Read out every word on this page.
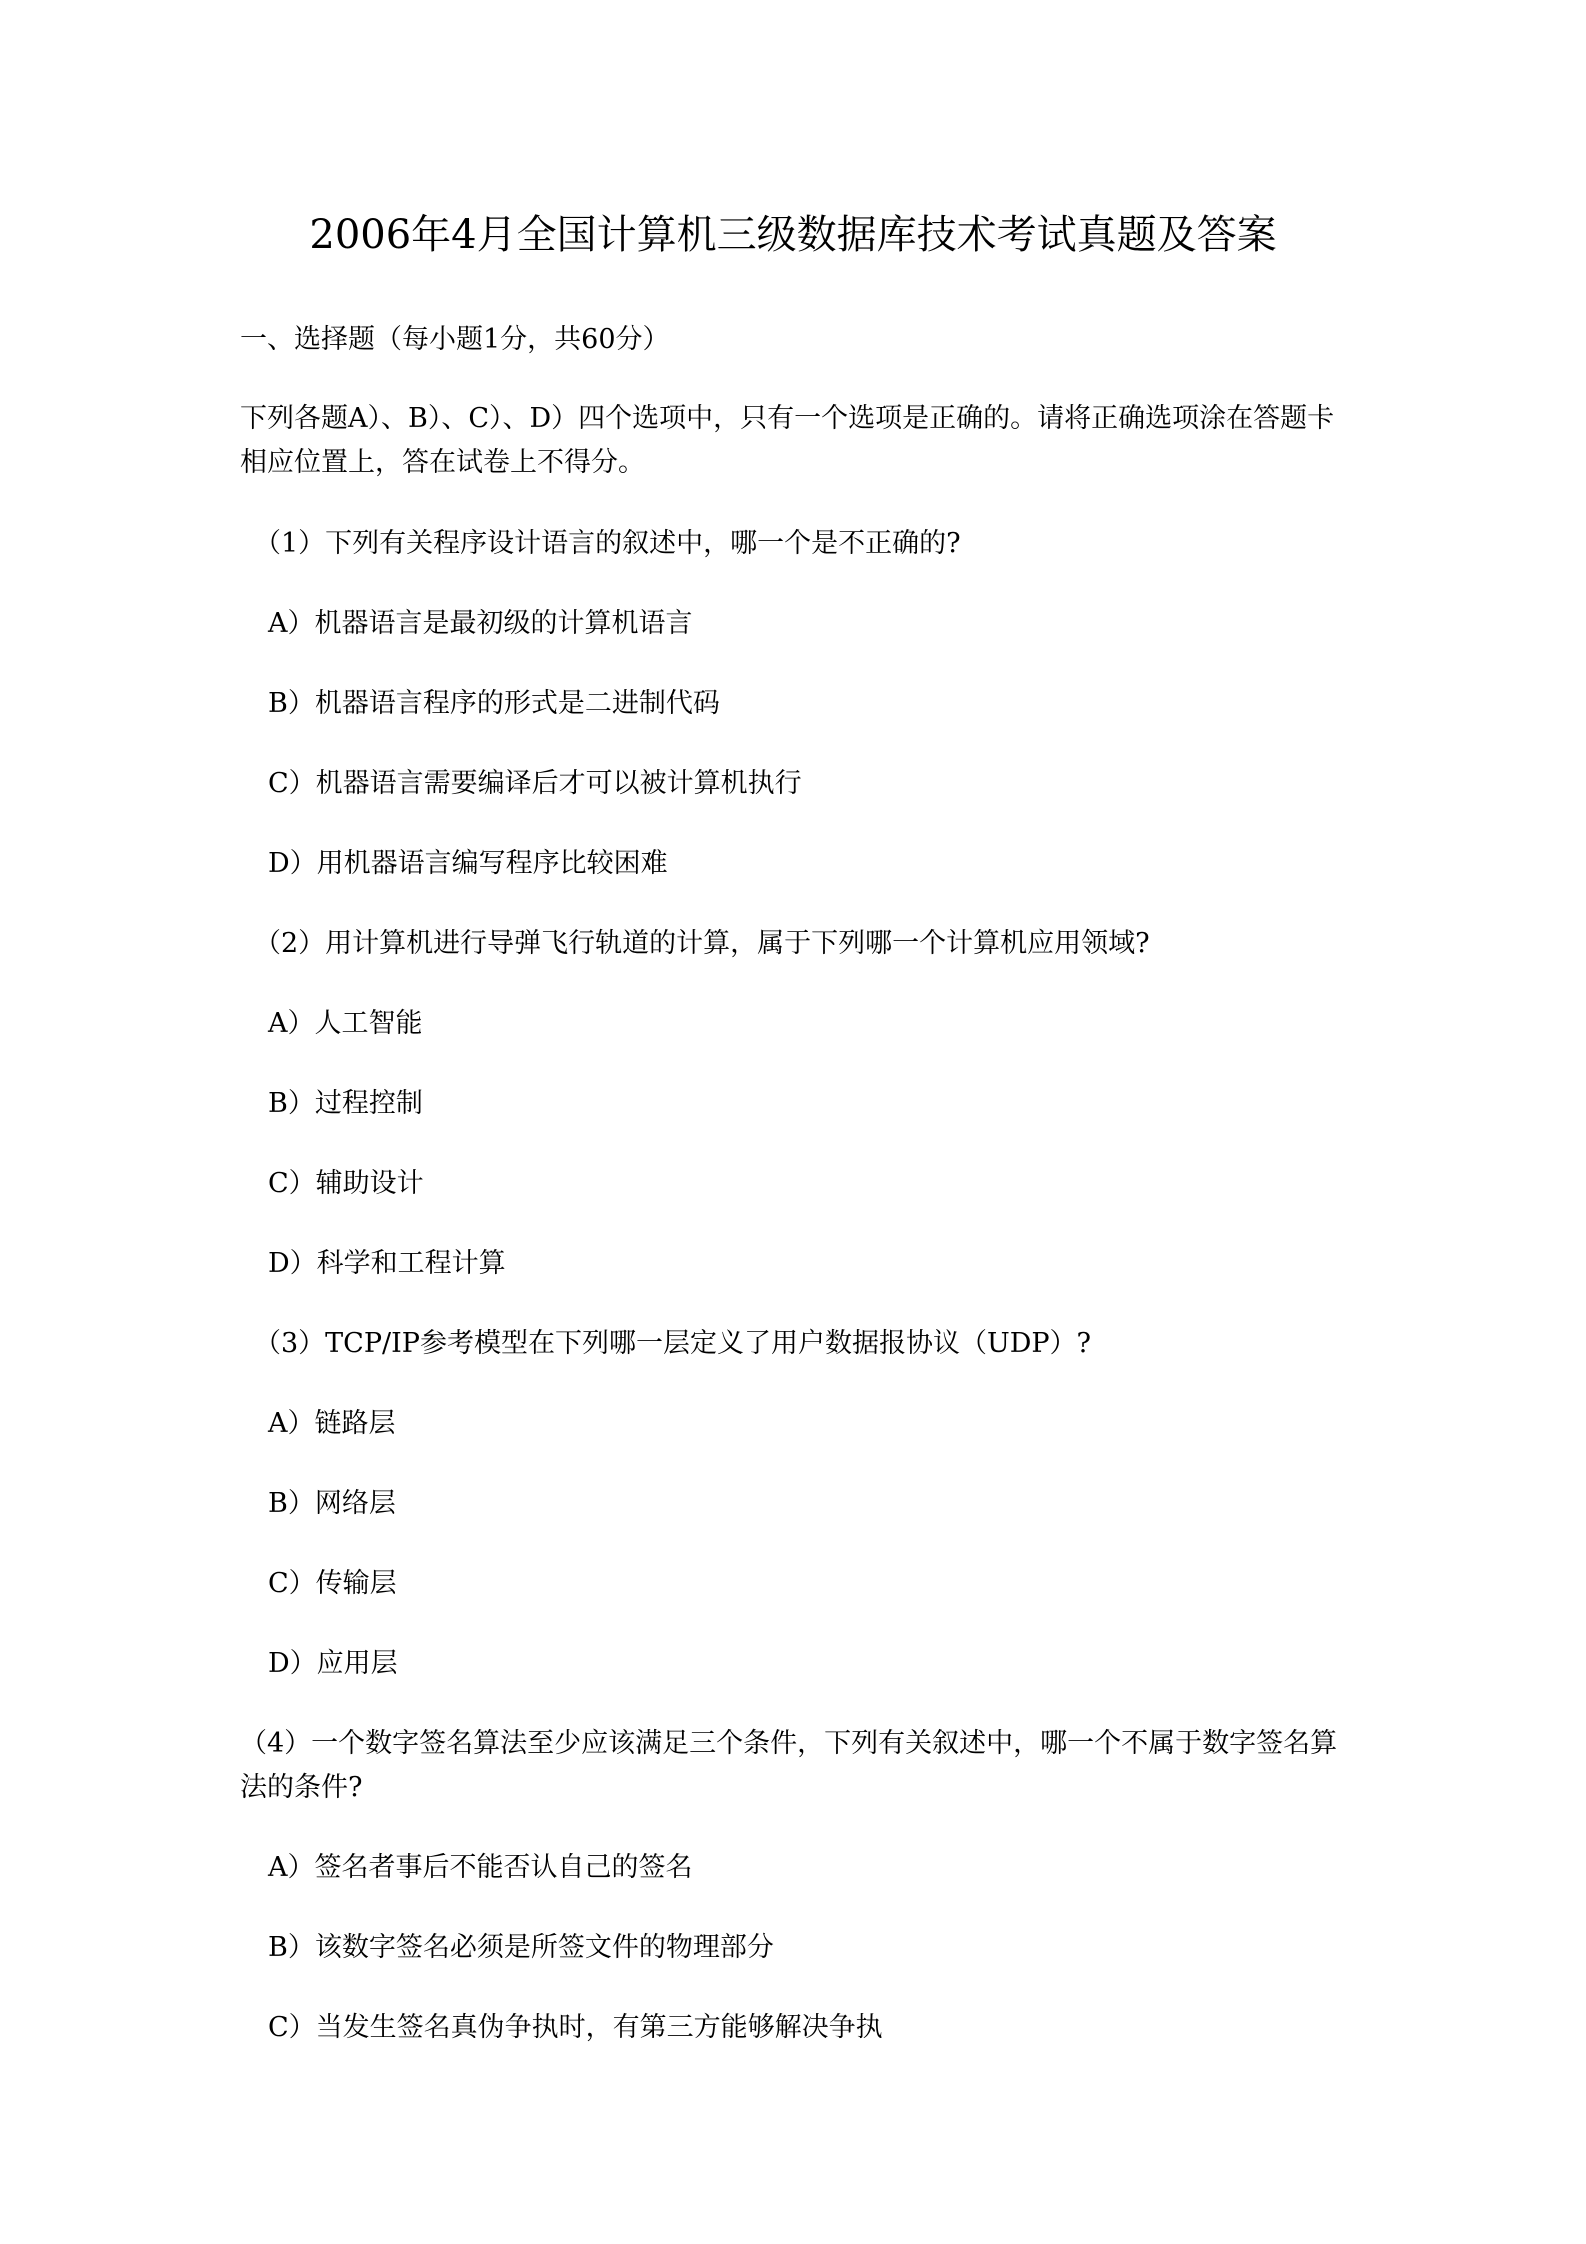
2006年4月全国计算机三级数据库技术考试真题及答案
一、选择题（每小题1分，共60分）
下列各题A）、B）、C）、D）四个选项中，只有一个选项是正确的。请将正确选项涂在答题卡相应位置上，答在试卷上不得分。
（1）下列有关程序设计语言的叙述中，哪一个是不正确的?
A）机器语言是最初级的计算机语言
B）机器语言程序的形式是二进制代码
C）机器语言需要编译后才可以被计算机执行
D）用机器语言编写程序比较困难
（2）用计算机进行导弹飞行轨道的计算，属于下列哪一个计算机应用领域?
A）人工智能
B）过程控制
C）辅助设计
D）科学和工程计算
（3）TCP/IP参考模型在下列哪一层定义了用户数据报协议（UDP）?
A）链路层
B）网络层
C）传输层
D）应用层
（4）一个数字签名算法至少应该满足三个条件，下列有关叙述中，哪一个不属于数字签名算法的条件?
A）签名者事后不能否认自己的签名
B）该数字签名必须是所签文件的物理部分
C）当发生签名真伪争执时，有第三方能够解决争执
